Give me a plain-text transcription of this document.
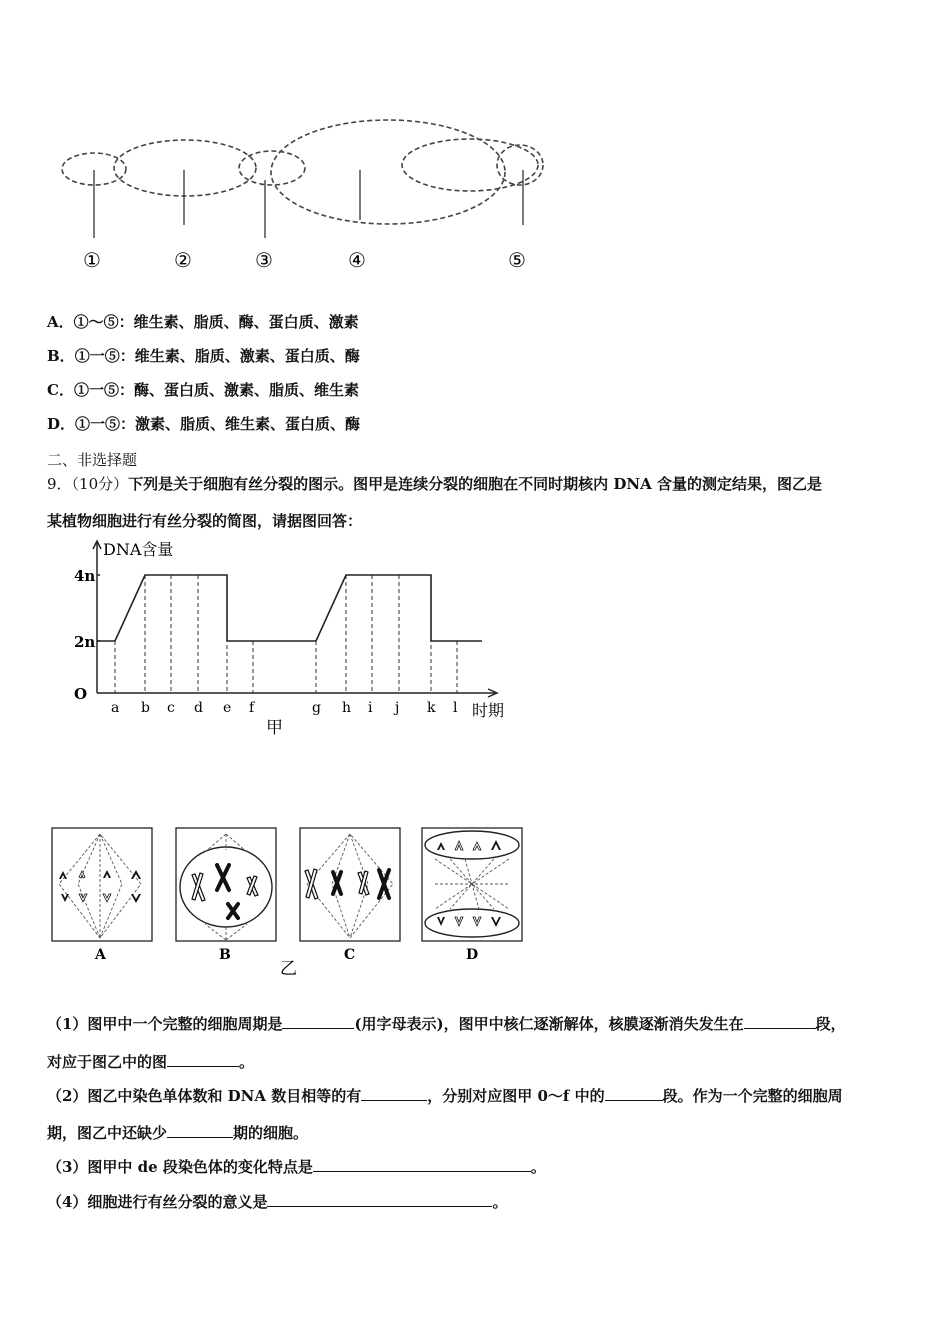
①	②	③	④	⑤
A．①～⑤：维生素、脂质、酶、蛋白质、激素
B．①一⑤：维生素、脂质、激素、蛋白质、酶
C．①一⑤：酶、蛋白质、激素、脂质、维生素
D．①一⑤：激素、脂质、维生素、蛋白质、酶
二、非选择题
9．（10分）下列是关于细胞有丝分裂的图示。图甲是连续分裂的细胞在不同时期核内 DNA 含量的测定结果，图乙是
某植物细胞进行有丝分裂的简图，请据图回答：
DNA含量
O
2n
4n
a b c d e f	g h i j k l 时期
甲
A	B	C	D
乙
（1）图甲中一个完整的细胞周期是	(用字母表示)，图甲中核仁逐渐解体，核膜逐渐消失发生在	段，
对应于图乙中的图	。
（2）图乙中染色单体数和 DNA 数目相等的有	，分别对应图甲 0～f 中的	段。作为一个完整的细胞周
期，图乙中还缺少	期的细胞。
（3）图甲中 de 段染色体的变化特点是	。
（4）细胞进行有丝分裂的意义是	。
